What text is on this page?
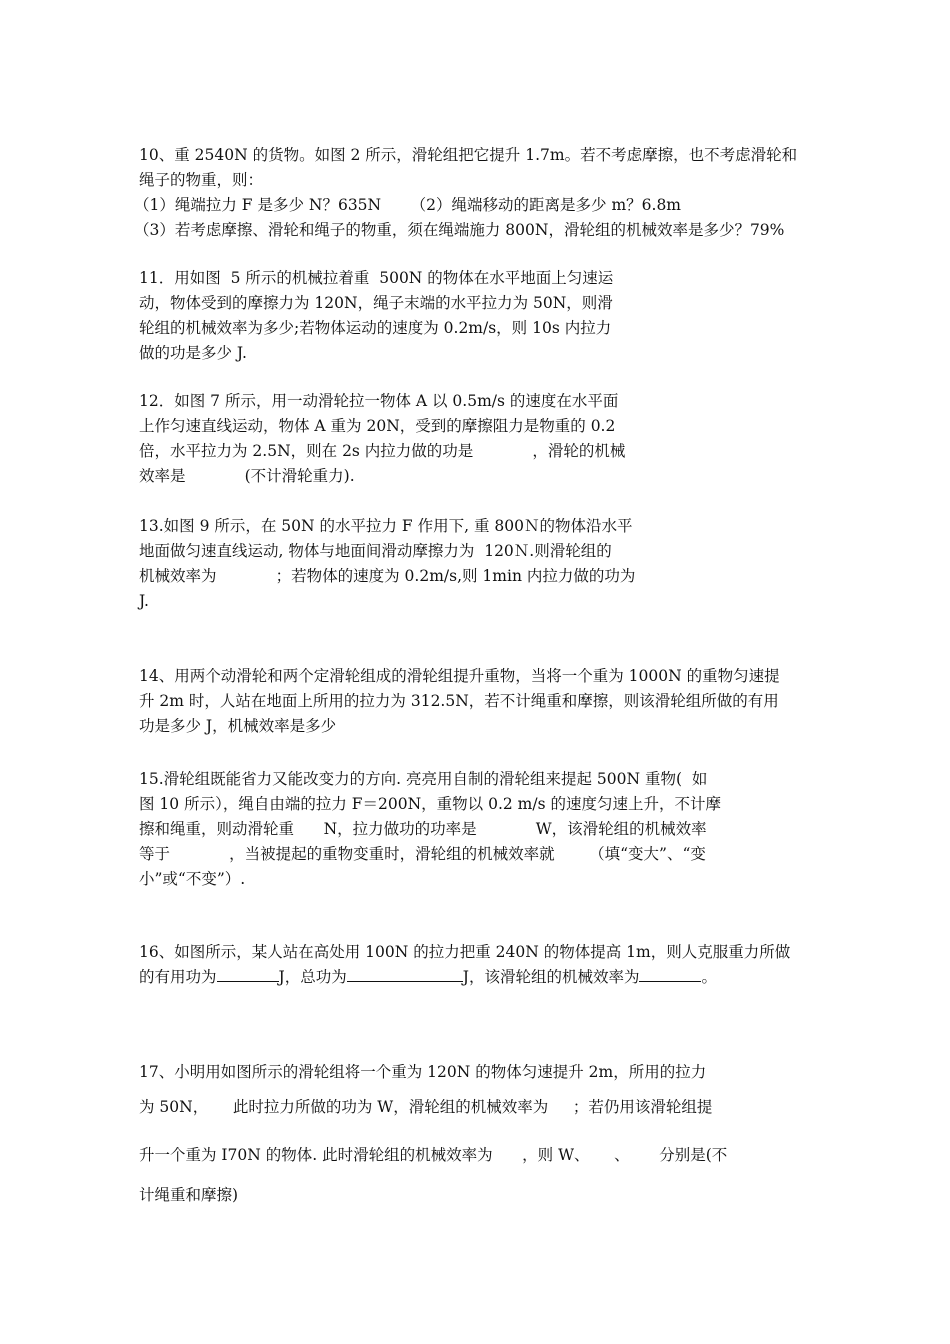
10、重 2540N 的货物。如图 2 所示，滑轮组把它提升 1.7m。若不考虑摩擦，也不考虑滑轮和
绳子的物重，则：
（1）绳端拉力 F 是多少 N？635N      （2）绳端移动的距离是多少 m？6.8m
（3）若考虑摩擦、滑轮和绳子的物重，须在绳端施力 800N，滑轮组的机械效率是多少？79%
11．用如图  5 所示的机械拉着重  500N 的物体在水平地面上匀速运
动，物体受到的摩擦力为 120N，绳子末端的水平拉力为 50N，则滑
轮组的机械效率为多少;若物体运动的速度为 0.2m/s，则 10s 内拉力
做的功是多少 J.
12．如图 7 所示，用一动滑轮拉一物体 A 以 0.5m/s 的速度在水平面
上作匀速直线运动，物体 A 重为 20N，受到的摩擦阻力是物重的 0.2
倍，水平拉力为 2.5N，则在 2s 内拉力做的功是            ，滑轮的机械
效率是            (不计滑轮重力).
13.如图 9 所示，在 50N 的水平拉力 F 作用下, 重 800Ｎ的物体沿水平
地面做匀速直线运动, 物体与地面间滑动摩擦力为  120Ｎ.则滑轮组的
机械效率为            ；若物体的速度为 0.2m/s,则 1min 内拉力做的功为
J.
14、用两个动滑轮和两个定滑轮组成的滑轮组提升重物，当将一个重为 1000N 的重物匀速提
升 2m 时，人站在地面上所用的拉力为 312.5N，若不计绳重和摩擦，则该滑轮组所做的有用
功是多少 J，机械效率是多少
15.滑轮组既能省力又能改变力的方向. 亮亮用自制的滑轮组来提起 500N 重物(  如
图 10 所示），绳自由端的拉力 F＝200N，重物以 0.2 m/s 的速度匀速上升，不计摩
擦和绳重，则动滑轮重      N，拉力做功的功率是            W，该滑轮组的机械效率
等于            ，当被提起的重物变重时，滑轮组的机械效率就       （填“变大”、“变
小”或“不变”）.
16、如图所示，某人站在高处用 100N 的拉力把重 240N 的物体提高 1m，则人克服重力所做
的有用功为	J，总功为	J，该滑轮组的机械效率为	。
17、小明用如图所示的滑轮组将一个重为 120N 的物体匀速提升 2m，所用的拉力
为 50N，     此时拉力所做的功为 W，滑轮组的机械效率为     ；若仍用该滑轮组提
升一个重为 I70N 的物体. 此时滑轮组的机械效率为      ，则 W、     、      分别是(不
计绳重和摩擦)
